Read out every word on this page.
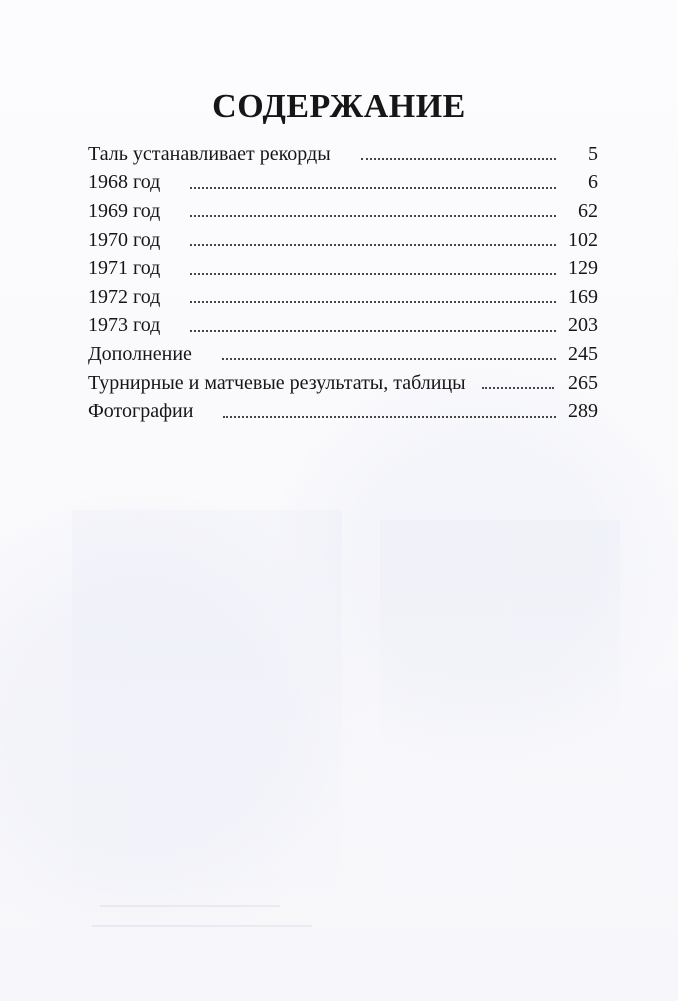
СОДЕРЖАНИЕ
Таль устанавливает рекорды	5
1968 год	6
1969 год	62
1970 год	102
1971 год	129
1972 год	169
1973 год	203
Дополнение	245
Турнирные и матчевые результаты, таблицы	265
Фотографии	289
